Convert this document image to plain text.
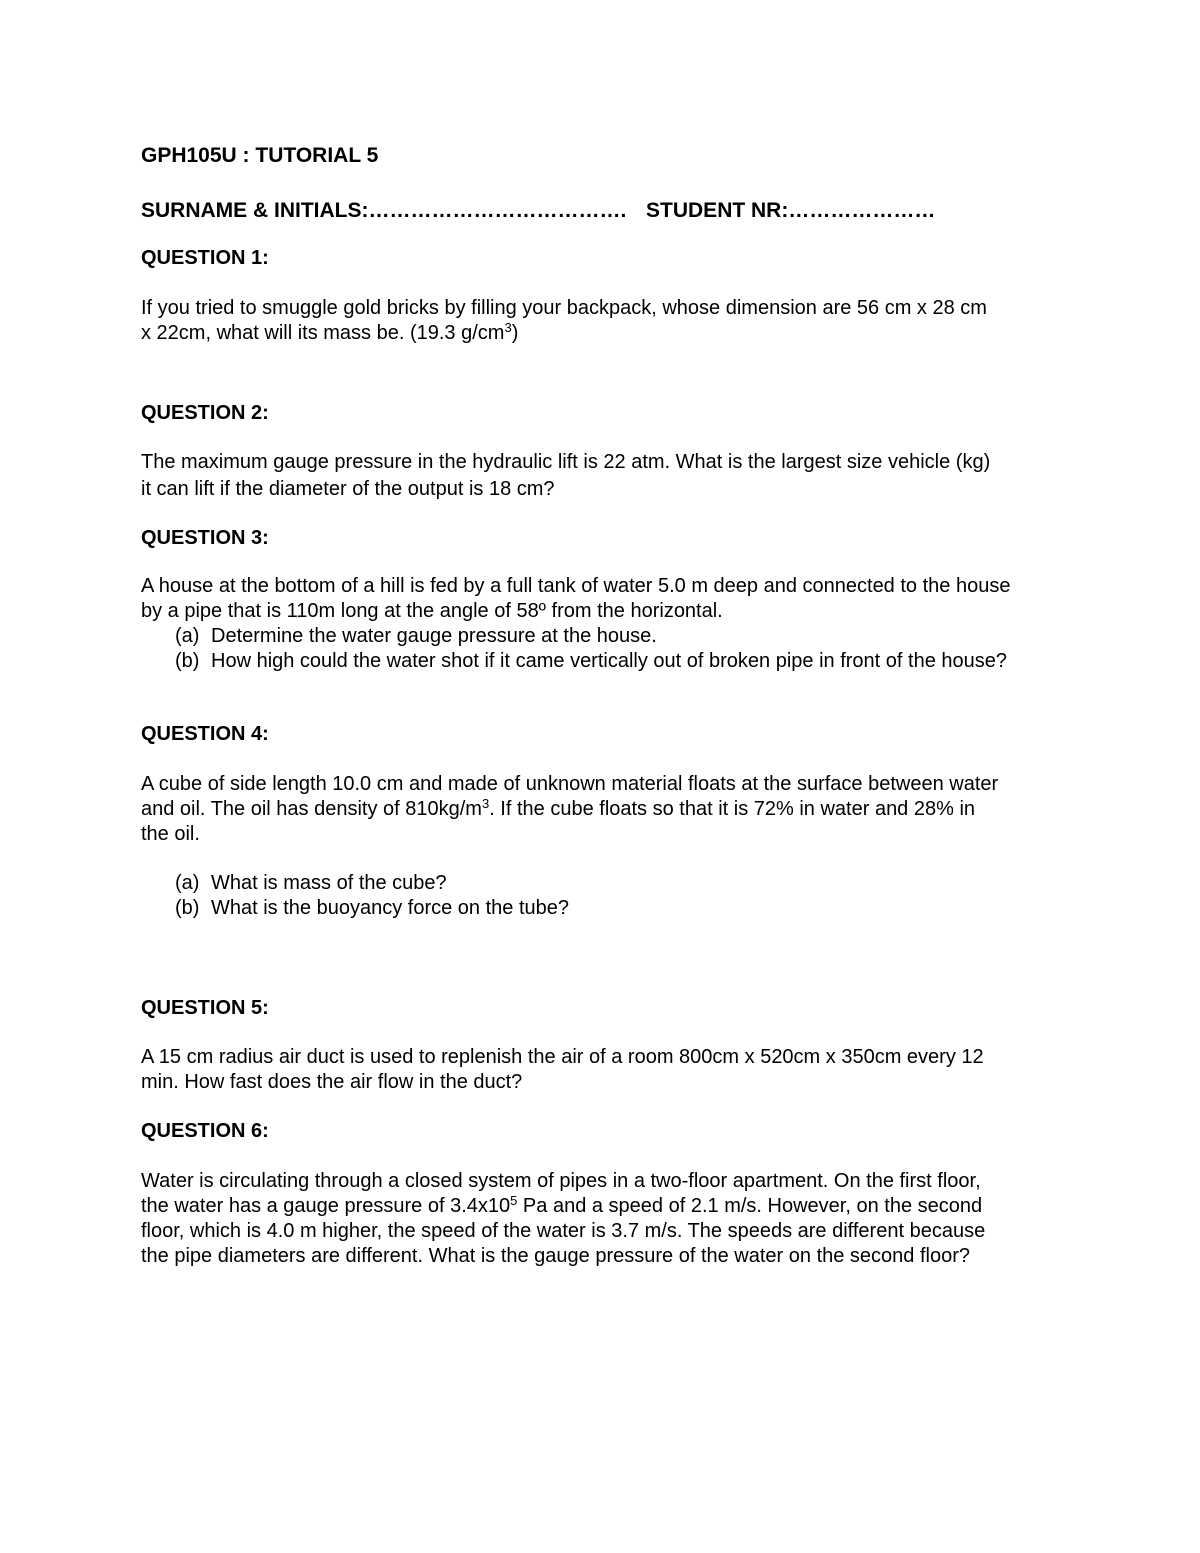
GPH105U : TUTORIAL 5
SURNAME & INITIALS:………………………………. STUDENT NR:…………………
QUESTION 1:
If you tried to smuggle gold bricks by filling your backpack, whose dimension are 56 cm x 28 cm
x 22cm, what will its mass be. (19.3 $g/cm^3$)
QUESTION 2:
The maximum gauge pressure in the hydraulic lift is 22 atm. What is the largest size vehicle (kg)
it can lift if the diameter of the output is 18 cm?
QUESTION 3:
A house at the bottom of a hill is fed by a full tank of water 5.0 m deep and connected to the house
by a pipe that is 110m long at the angle of 58º from the horizontal.
(a) Determine the water gauge pressure at the house.
(b) How high could the water shot if it came vertically out of broken pipe in front of the house?
QUESTION 4:
A cube of side length 10.0 cm and made of unknown material floats at the surface between water
and oil. The oil has density of $810kg/m^3$. If the cube floats so that it is 72% in water and 28% in
the oil.
(a) What is mass of the cube?
(b) What is the buoyancy force on the tube?
QUESTION 5:
A 15 cm radius air duct is used to replenish the air of a room 800cm x 520cm x 350cm every 12
min. How fast does the air flow in the duct?
QUESTION 6:
Water is circulating through a closed system of pipes in a two-floor apartment. On the first floor,
the water has a gauge pressure of $3.4x10^5$ Pa and a speed of 2.1 m/s. However, on the second
floor, which is 4.0 m higher, the speed of the water is 3.7 m/s. The speeds are different because
the pipe diameters are different. What is the gauge pressure of the water on the second floor?
